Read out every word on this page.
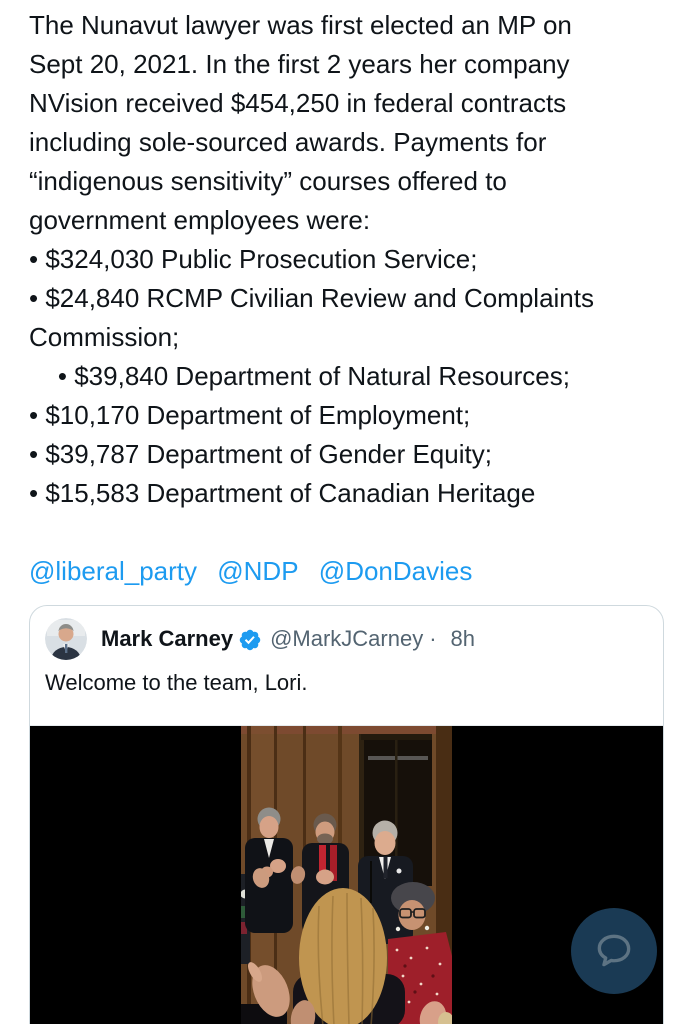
The Nunavut lawyer was first elected an MP on
Sept 20, 2021. In the first 2 years her company
NVision received $454,250 in federal contracts
including sole-sourced awards. Payments for
“indigenous sensitivity” courses offered to
government employees were:
• $324,030 Public Prosecution Service;
• $24,840 RCMP Civilian Review and Complaints
Commission;
• $39,840 Department of Natural Resources;
• $10,170 Department of Employment;
• $39,787 Department of Gender Equity;
• $15,583 Department of Canadian Heritage
@liberal_party @NDP @DonDavies
Mark Carney @MarkJCarney · 8h
Welcome to the team, Lori.
